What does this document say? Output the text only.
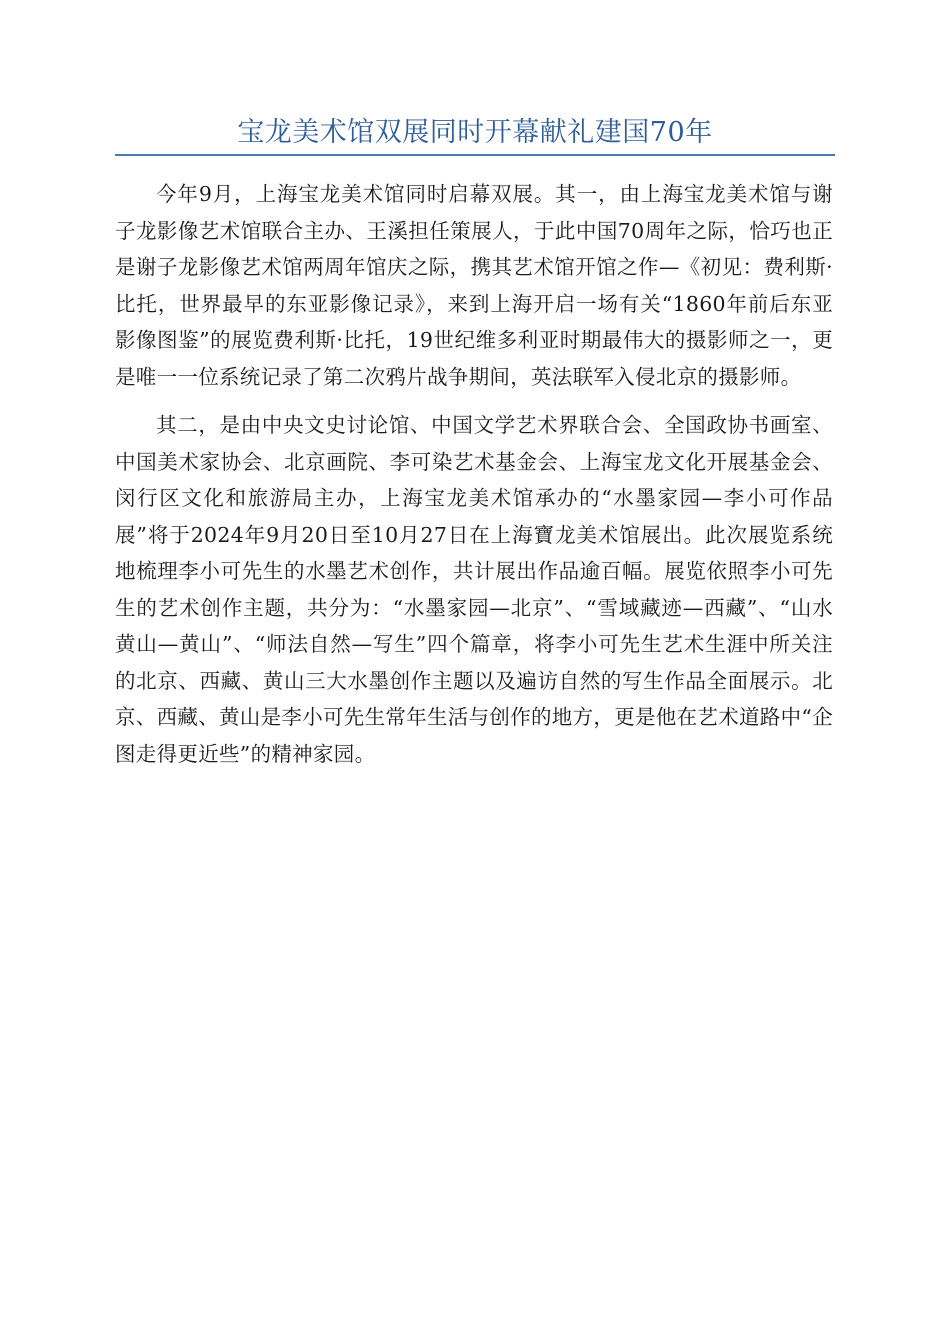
宝龙美术馆双展同时开幕献礼建国70年

今年9月，上海宝龙美术馆同时启幕双展。其一，由上海宝龙美术馆与谢子龙影像艺术馆联合主办、王溪担任策展人，于此中国70周年之际，恰巧也正是谢子龙影像艺术馆两周年馆庆之际，携其艺术馆开馆之作—《初见：费利斯·比托，世界最早的东亚影像记录》，来到上海开启一场有关“1860年前后东亚影像图鉴”的展览费利斯·比托，19世纪维多利亚时期最伟大的摄影师之一，更是唯一一位系统记录了第二次鸦片战争期间，英法联军入侵北京的摄影师。

其二，是由中央文史讨论馆、中国文学艺术界联合会、全国政协书画室、中国美术家协会、北京画院、李可染艺术基金会、上海宝龙文化开展基金会、闵行区文化和旅游局主办，上海宝龙美术馆承办的“水墨家园—李小可作品展”将于2024年9月20日至10月27日在上海寶龙美术馆展出。此次展览系统地梳理李小可先生的水墨艺术创作，共计展出作品逾百幅。展览依照李小可先生的艺术创作主题，共分为：“水墨家园—北京”、“雪域藏迹—西藏”、“山水黄山—黄山”、“师法自然—写生”四个篇章，将李小可先生艺术生涯中所关注的北京、西藏、黄山三大水墨创作主题以及遍访自然的写生作品全面展示。北京、西藏、黄山是李小可先生常年生活与创作的地方，更是他在艺术道路中“企图走得更近些”的精神家园。
